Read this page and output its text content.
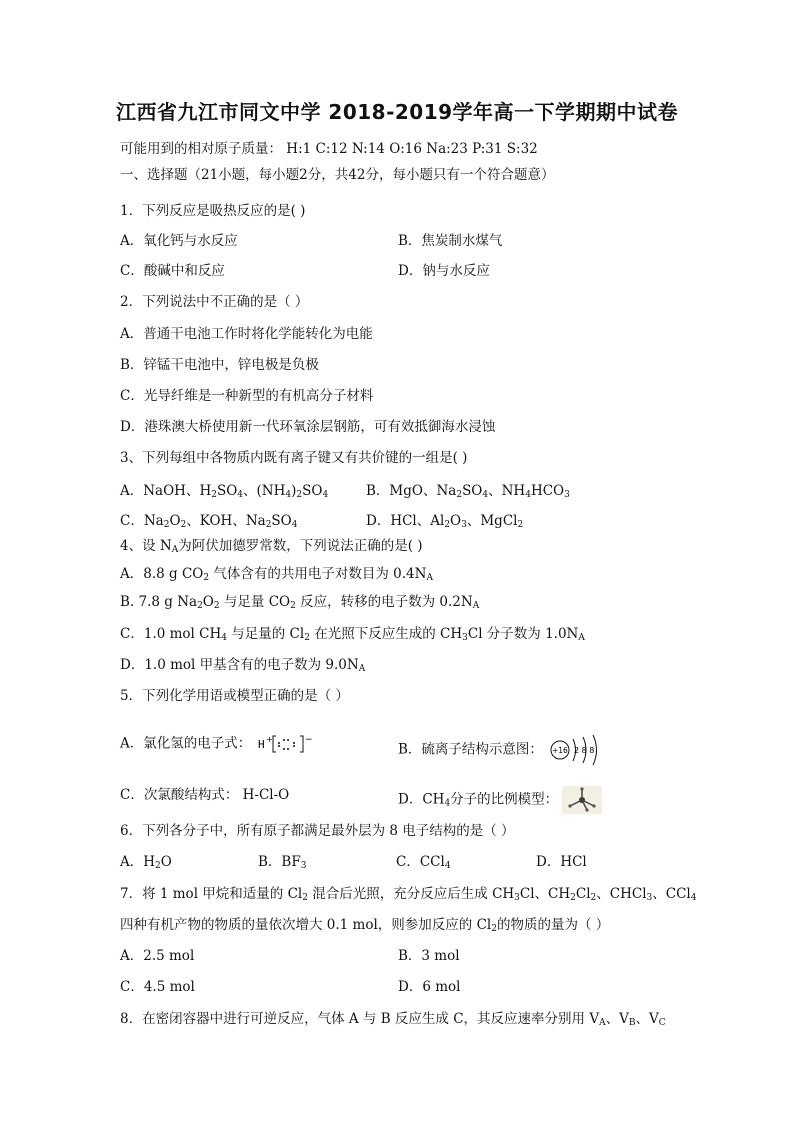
江西省九江市同文中学 2018-2019学年高一下学期期中试卷
可能用到的相对原子质量： H:1 C:12 N:14 O:16 Na:23 P:31 S:32
一、选择题（21小题，每小题2分，共42分，每小题只有一个符合题意）
1．下列反应是吸热反应的是( )
A．氧化钙与水反应	B．焦炭制水煤气
C．酸碱中和反应	D．钠与水反应
2．下列说法中不正确的是（ ）
A．普通干电池工作时将化学能转化为电能
B．锌锰干电池中，锌电极是负极
C．光导纤维是一种新型的有机高分子材料
D．港珠澳大桥使用新一代环氧涂层钢筋，可有效抵御海水浸蚀
3、下列每组中各物质内既有离子键又有共价键的一组是( )
A．NaOH、$H_2SO_4$、$(NH_4)_2SO_4$	B．MgO、$Na_2SO_4$、$NH_4HCO_3$
C．$Na_2O_2$、KOH、$Na_2SO_4$	D．HCl、$Al_2O_3$、MgCl$_2$
4、设 $N_A$为阿伏加德罗常数，下列说法正确的是( )
A．8.8 g $CO_2$ 气体含有的共用电子对数目为 $0.4N_A$
B. 7.8 g $Na_2O_2$ 与足量 $CO_2$ 反应，转移的电子数为 $0.2N_A$
C．1.0 mol $CH_4$ 与足量的 $Cl_2$ 在光照下反应生成的 $CH_3Cl$ 分子数为 $1.0N_A$
D．1.0 mol 甲基含有的电子数为 $9.0N_A$
5．下列化学用语或模型正确的是（ ）
A．氯化氢的电子式： H +	−
B．硫离子结构示意图： +16 2 8 8
C．次氯酸结构式： H-Cl-O	D．$CH_4$分子的比例模型：
6．下列各分子中，所有原子都满足最外层为 8 电子结构的是（ ）
A．$H_2O$	B．$BF_3$	C．CCl$_4$	D．HCl
7．将 1 mol 甲烷和适量的 $Cl_2$ 混合后光照，充分反应后生成 $CH_3Cl$、$CH_2Cl_2$、CHCl$_3$、CCl$_4$
四种有机产物的物质的量依次增大 0.1 mol，则参加反应的 $Cl_2$的物质的量为（ ）
A．2.5 mol	B．3 mol
C．4.5 mol	D．6 mol
8．在密闭容器中进行可逆反应，气体 A 与 B 反应生成 C，其反应速率分别用 $V_A$、$V_B$、$V_C$
